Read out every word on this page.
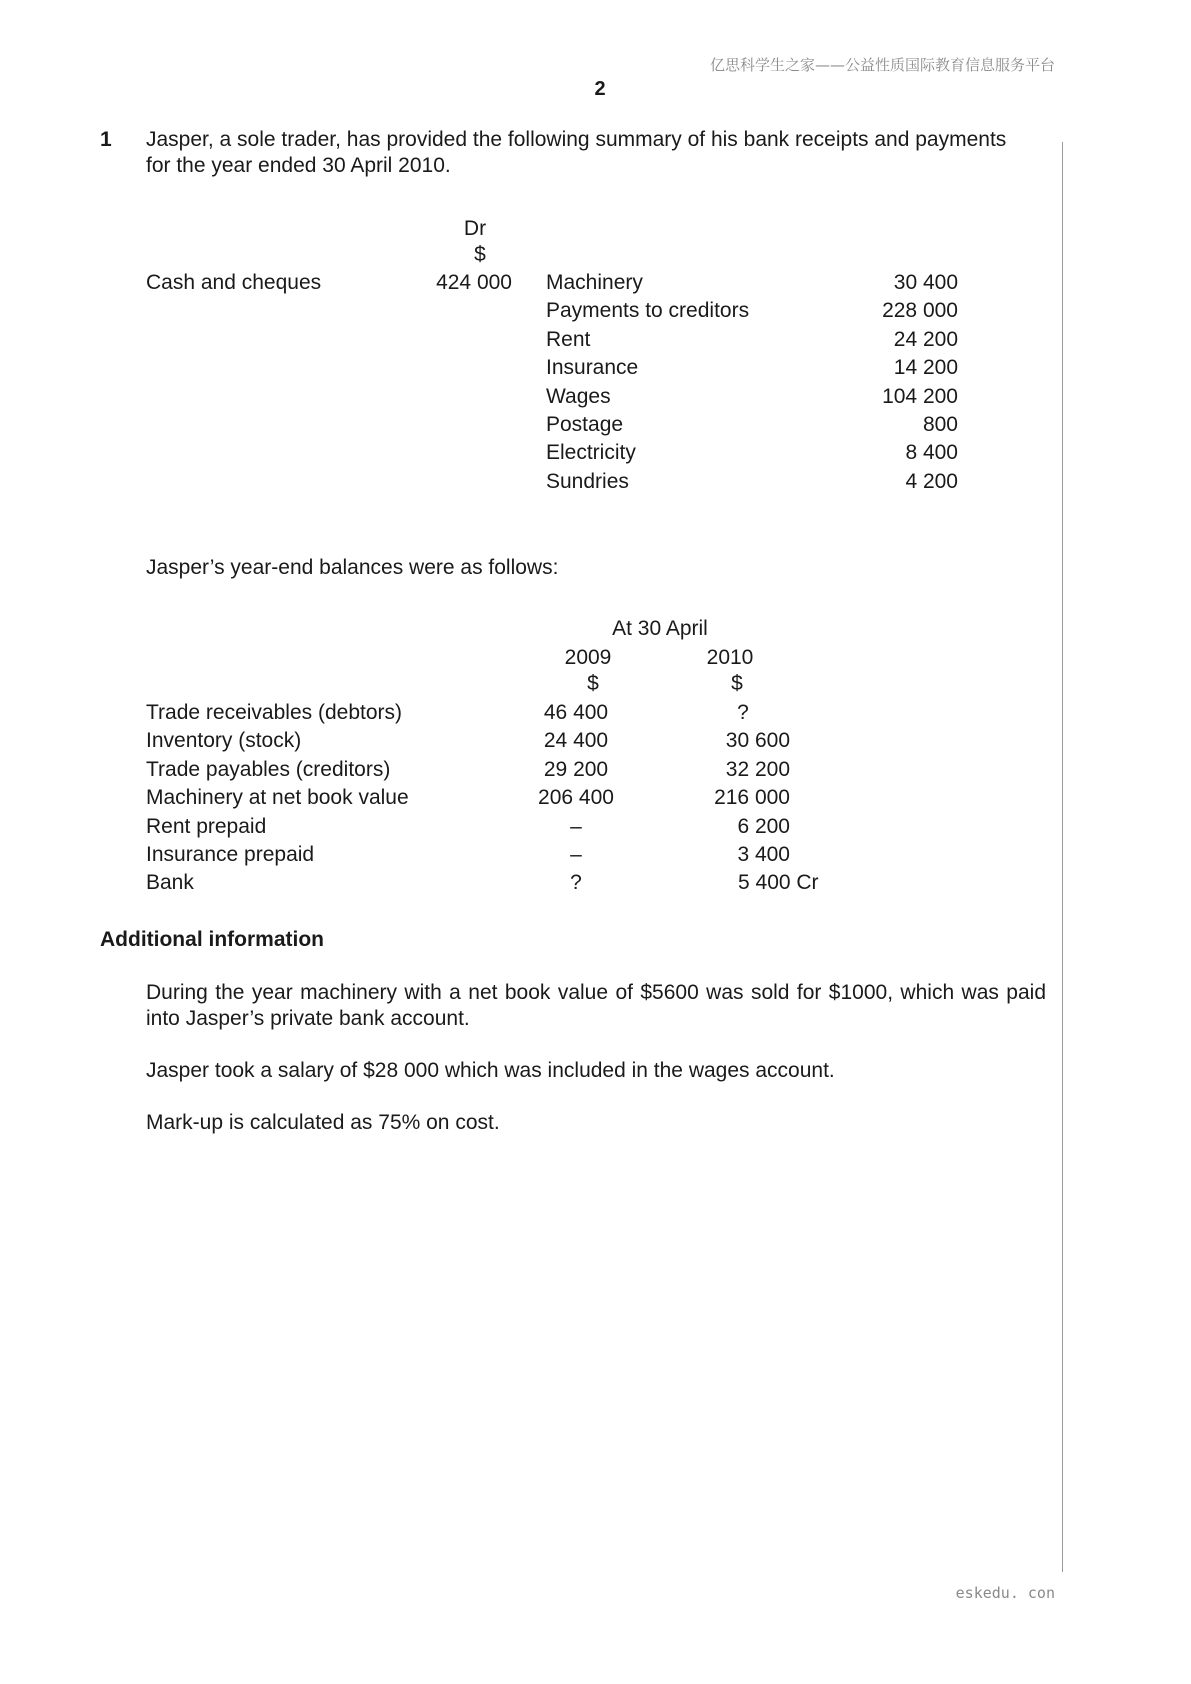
亿思科学生之家——公益性质国际教育信息服务平台
2
1 Jasper, a sole trader, has provided the following summary of his bank receipts and payments

for the year ended 30 April 2010.

Dr
$
Cash and cheques	424 000 Machinery	30 400
Payments to creditors	228 000
Rent	24 200
Insurance	14 200
Wages	104 200
Postage	800
Electricity	8 400
Sundries	4 200
Jasper’s year-end balances were as follows:
At 30 April
2009	2010
$	$
Trade receivables (debtors)	46 400	?
Inventory (stock)	24 400	30 600
Trade payables (creditors)	29 200	32 200
Machinery at net book value	206 400	216 000
Rent prepaid	–	6 200
Insurance prepaid	–	3 400
Bank	?	5 400 Cr
Additional information

During the year machinery with a net book value of $5600 was sold for $1000, which was paid into Jasper’s private bank account.

Jasper took a salary of $28 000 which was included in the wages account.

Mark-up is calculated as 75% on cost.

eskedu. con
